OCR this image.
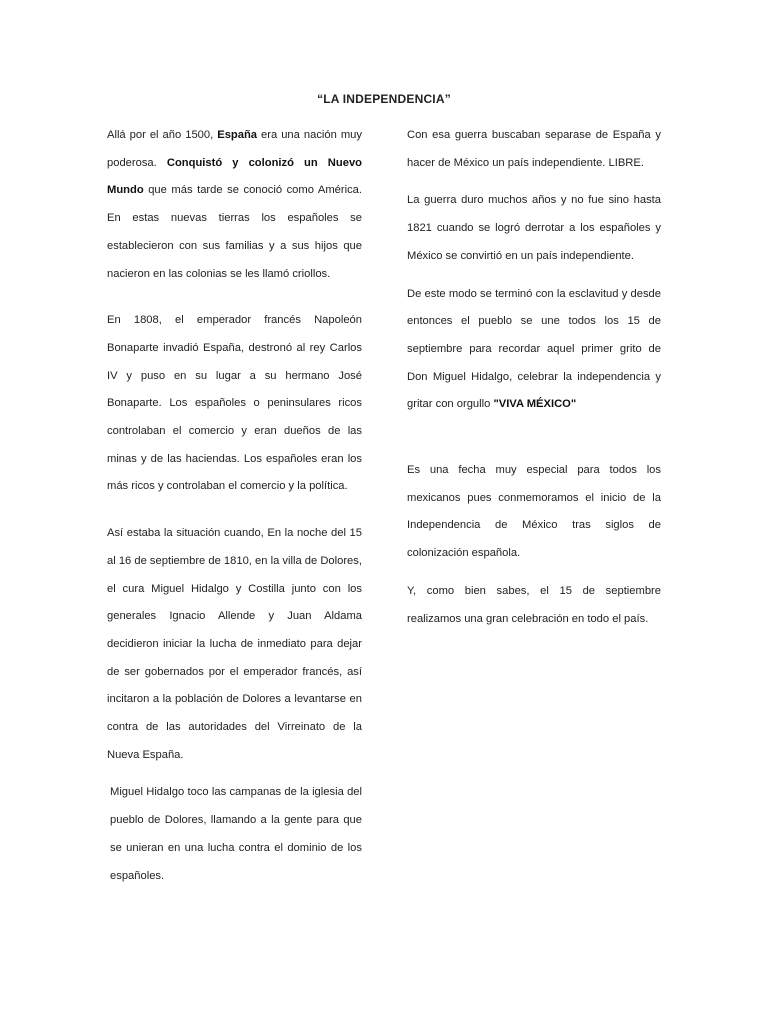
“LA INDEPENDENCIA”

Allá por el año 1500, España era una nación muy poderosa. Conquistó y colonizó un Nuevo Mundo que más tarde se conoció como América. En estas nuevas tierras los españoles se establecieron con sus familias y a sus hijos que nacieron en las colonias se les llamó criollos.

En 1808, el emperador francés Napoleón Bonaparte invadió España, destronó al rey Carlos IV y puso en su lugar a su hermano José Bonaparte. Los españoles o peninsulares ricos controlaban el comercio y eran dueños de las minas y de las haciendas. Los españoles eran los más ricos y controlaban el comercio y la política.

Así estaba la situación cuando, En la noche del 15 al 16 de septiembre de 1810, en la villa de Dolores, el cura Miguel Hidalgo y Costilla junto con los generales Ignacio Allende y Juan Aldama decidieron iniciar la lucha de inmediato para dejar de ser gobernados por el emperador francés, así incitaron a la población de Dolores a levantarse en contra de las autoridades del Virreinato de la Nueva España.

Miguel Hidalgo toco las campanas de la iglesia del pueblo de Dolores, llamando a la gente para que se unieran en una lucha contra el dominio de los españoles.

Con esa guerra buscaban separase de España y hacer de México un país independiente. LIBRE.

La guerra duro muchos años y no fue sino hasta 1821 cuando se logró derrotar a los españoles y México se convirtió en un país independiente.

De este modo se terminó con la esclavitud y desde entonces el pueblo se une todos los 15 de septiembre para recordar aquel primer grito de Don Miguel Hidalgo, celebrar la independencia y gritar con orgullo "VIVA MÉXICO"

Es una fecha muy especial para todos los mexicanos pues conmemoramos el inicio de la Independencia de México tras siglos de colonización española.

Y, como bien sabes, el 15 de septiembre realizamos una gran celebración en todo el país.
